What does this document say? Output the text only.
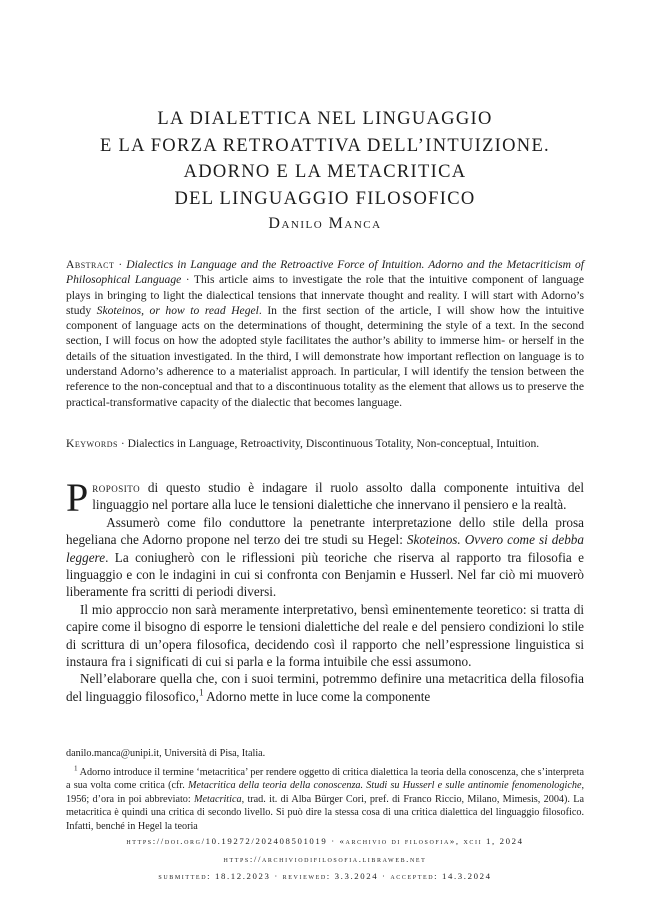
LA DIALETTICA NEL LINGUAGGIO
E LA FORZA RETROATTIVA DELL’INTUIZIONE.
ADORNO E LA METACRITICA
DEL LINGUAGGIO FILOSOFICO

Danilo Manca

Abstract · Dialectics in Language and the Retroactive Force of Intuition. Adorno and the Metacriticism of Philosophical Language · This article aims to investigate the role that the intuitive component of language plays in bringing to light the dialectical tensions that innervate thought and reality. I will start with Adorno’s study Skoteinos, or how to read Hegel. In the first section of the article, I will show how the intuitive component of language acts on the determinations of thought, determining the style of a text. In the second section, I will focus on how the adopted style facilitates the author’s ability to immerse him- or herself in the details of the situation investigated. In the third, I will demonstrate how important reflection on language is to understand Adorno’s adherence to a materialist approach. In particular, I will identify the tension between the reference to the non-conceptual and that to a discontinuous totality as the element that allows us to preserve the practical-transformative capacity of the dialectic that becomes language.

Keywords · Dialectics in Language, Retroactivity, Discontinuous Totality, Non-conceptual, Intuition.

Proposito di questo studio è indagare il ruolo assolto dalla componente intuitiva del linguaggio nel portare alla luce le tensioni dialettiche che innervano il pensiero e la realtà.

Assumerò come filo conduttore la penetrante interpretazione dello stile della prosa hegeliana che Adorno propone nel terzo dei tre studi su Hegel: Skoteinos. Ovvero come si debba leggere. La coniugherò con le riflessioni più teoriche che riserva al rapporto tra filosofia e linguaggio e con le indagini in cui si confronta con Benjamin e Husserl. Nel far ciò mi muoverò liberamente fra scritti di periodi diversi.

Il mio approccio non sarà meramente interpretativo, bensì eminentemente teoretico: si tratta di capire come il bisogno di esporre le tensioni dialettiche del reale e del pensiero condizioni lo stile di scrittura di un’opera filosofica, decidendo così il rapporto che nell’espressione linguistica si instaura fra i significati di cui si parla e la forma intuibile che essi assumono.

Nell’elaborare quella che, con i suoi termini, potremmo definire una metacritica della filosofia del linguaggio filosofico,$^1$ Adorno mette in luce come la componente

danilo.manca@unipi.it, Università di Pisa, Italia.

$^1$ Adorno introduce il termine ‘metacritica’ per rendere oggetto di critica dialettica la teoria della conoscenza, che s’interpreta a sua volta come critica (cfr. Metacritica della teoria della conoscenza. Studi su Husserl e sulle antinomie fenomenologiche, 1956; d’ora in poi abbreviato: Metacritica, trad. it. di Alba Bürger Cori, pref. di Franco Riccio, Milano, Mimesis, 2004). La metacritica è quindi una critica di secondo livello. Si può dire la stessa cosa di una critica dialettica del linguaggio filosofico. Infatti, benché in Hegel la teoria

https://doi.org/10.19272/202408501019 · «archivio di filosofia», xcii 1, 2024

https://archiviodifilosofia.libraweb.net

submitted: 18.12.2023 · reviewed: 3.3.2024 · accepted: 14.3.2024
